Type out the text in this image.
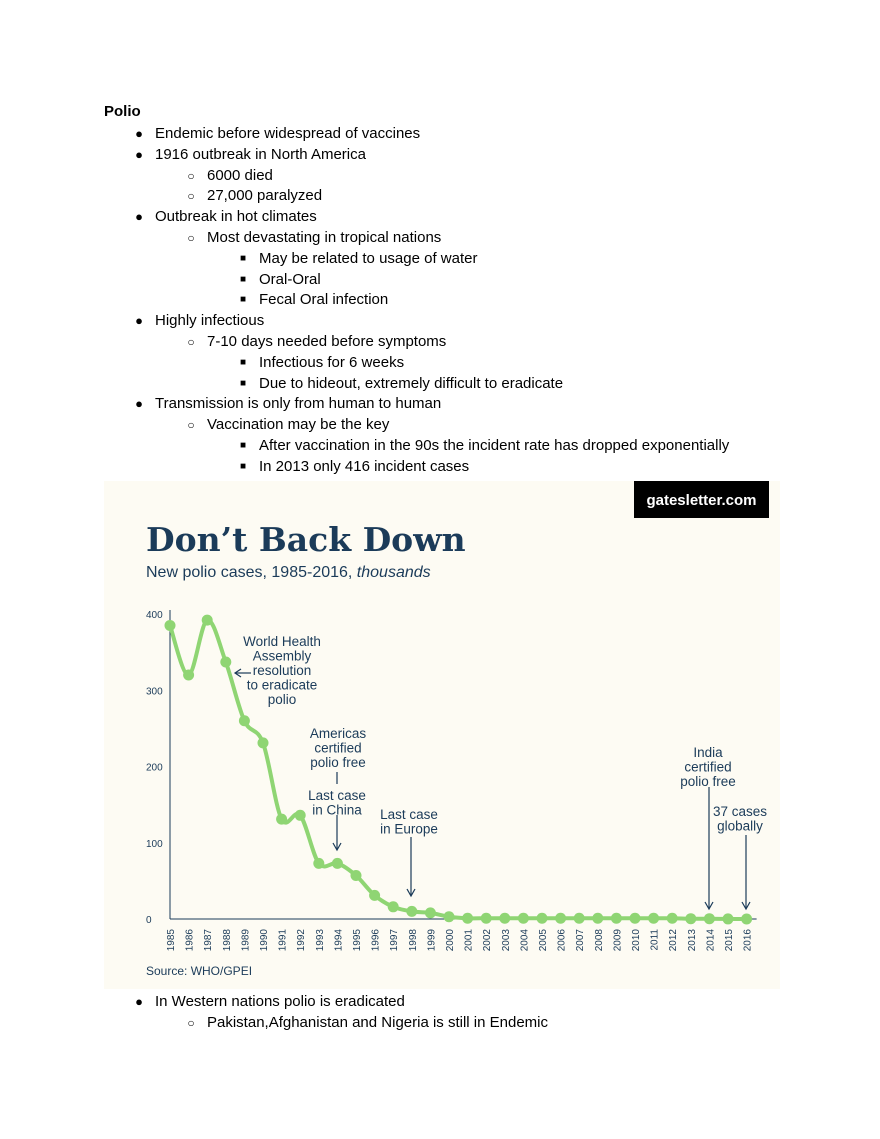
Polio
● Endemic before widespread of vaccines
● 1916 outbreak in North America
○ 6000 died
○ 27,000 paralyzed
● Outbreak in hot climates
○ Most devastating in tropical nations
■ May be related to usage of water
■ Oral-Oral
■ Fecal Oral infection
● Highly infectious
○ 7-10 days needed before symptoms
■ Infectious for 6 weeks
■ Due to hideout, extremely difficult to eradicate
● Transmission is only from human to human
○ Vaccination may be the key
■ After vaccination in the 90s the incident rate has dropped exponentially
■ In 2013 only 416 incident cases
gatesletter.com
Don’t Back Down
New polio cases, 1985-2016, thousands
0
100
200
300
400
1985 1986 1987 1988 1989 1990 1991 1992 1993 1994 1995 1996 1997 1998 1999 2000 2001 2002 2003 2004 2005 2006 2007 2008 2009 2010 2011 2012 2013 2014 2015 2016
World Health
Assembly
resolution
to eradicate
polio
Americas
certified
polio free
Last case
in China Last case
in Europe
India
certified
polio free
37 cases
globally
Source: WHO/GPEI
● In Western nations polio is eradicated
○ Pakistan,Afghanistan and Nigeria is still in Endemic
